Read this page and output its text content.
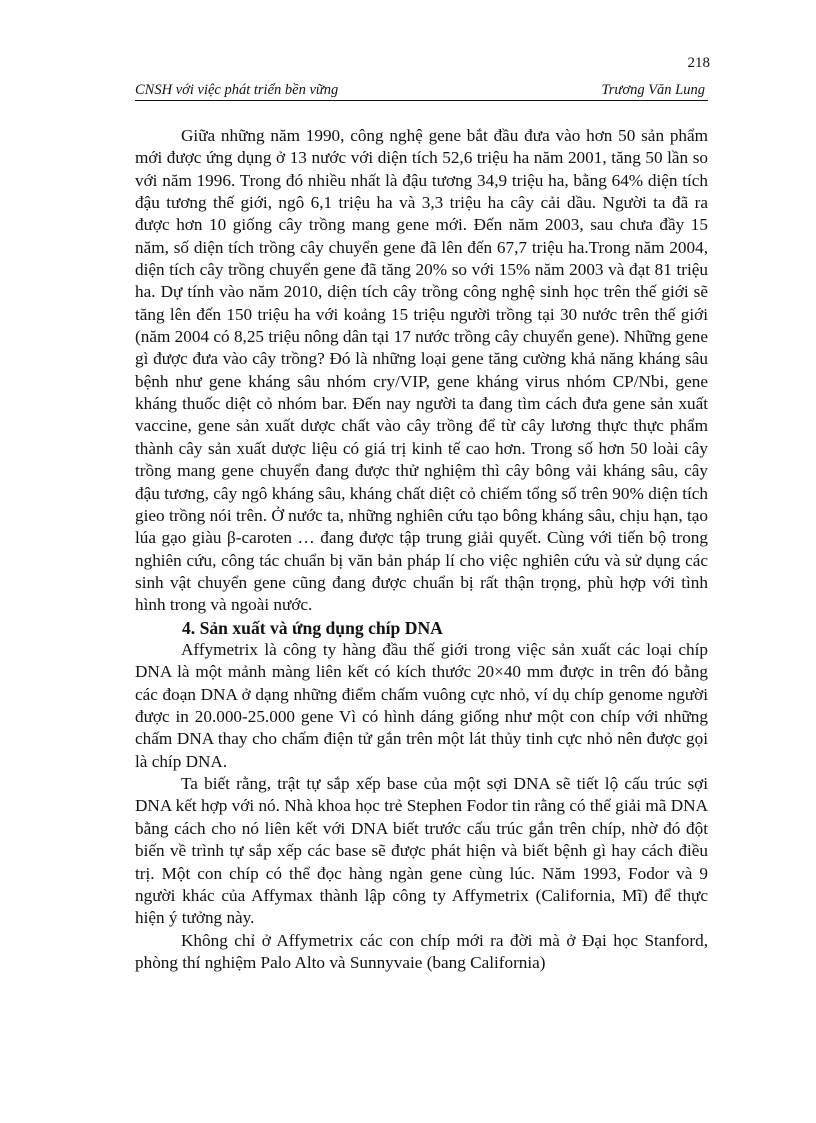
218
CNSH với việc phát triển bền vững	Trương Văn Lung

Giữa những năm 1990, công nghệ gene bắt đầu đưa vào hơn 50 sản phẩm mới được ứng dụng ở 13 nước với diện tích 52,6 triệu ha năm 2001, tăng 50 lần so với năm 1996. Trong đó nhiều nhất là đậu tương 34,9 triệu ha, bằng 64% diện tích đậu tương thế giới, ngô 6,1 triệu ha và 3,3 triệu ha cây cải dầu. Người ta đã ra được hơn 10 giống cây trồng mang gene mới. Đến năm 2003, sau chưa đầy 15 năm, số diện tích trồng cây chuyển gene đã lên đến 67,7 triệu ha.Trong năm 2004, diện tích cây trồng chuyển gene đã tăng 20% so với 15% năm 2003 và đạt 81 triệu ha. Dự tính vào năm 2010, diện tích cây trồng công nghệ sinh học trên thế giới sẽ tăng lên đến 150 triệu ha với koảng 15 triệu người trồng tại 30 nước trên thế giới (năm 2004 có 8,25 triệu nông dân tại 17 nước trồng cây chuyển gene). Những gene gì được đưa vào cây trồng? Đó là những loại gene tăng cường khả năng kháng sâu bệnh như gene kháng sâu nhóm cry/VIP, gene kháng virus nhóm CP/Nbi, gene kháng thuốc diệt cỏ nhóm bar. Đến nay người ta đang tìm cách đưa gene sản xuất vaccine, gene sản xuất dược chất vào cây trồng để từ cây lương thực thực phẩm thành cây sản xuất dược liệu có giá trị kinh tế cao hơn. Trong số hơn 50 loài cây trồng mang gene chuyển đang được thử nghiệm thì cây bông vải kháng sâu, cây đậu tương, cây ngô kháng sâu, kháng chất diệt cỏ chiếm tổng số trên 90% diện tích gieo trồng nói trên. Ở nước ta, những nghiên cứu tạo bông kháng sâu, chịu hạn, tạo lúa gạo giàu β-caroten … đang được tập trung giải quyết. Cùng với tiến bộ trong nghiên cứu, công tác chuẩn bị văn bản pháp lí cho việc nghiên cứu và sử dụng các sinh vật chuyển gene cũng đang được chuẩn bị rất thận trọng, phù hợp với tình hình trong và ngoài nước.

4. Sản xuất và ứng dụng chíp DNA

Affymetrix là công ty hàng đầu thế giới trong việc sản xuất các loại chíp DNA là một mảnh màng liên kết có kích thước 20×40 mm được in trên đó bằng các đoạn DNA ở dạng những điểm chấm vuông cực nhỏ, ví dụ chíp genome người được in 20.000-25.000 gene Vì có hình dáng giống như một con chíp với những chấm DNA thay cho chấm điện tử gắn trên một lát thủy tinh cực nhỏ nên được gọi là chíp DNA.

Ta biết rằng, trật tự sắp xếp base của một sợi DNA sẽ tiết lộ cấu trúc sợi DNA kết hợp với nó. Nhà khoa học trẻ Stephen Fodor tin rằng có thể giải mã DNA bằng cách cho nó liên kết với DNA biết trước cấu trúc gắn trên chíp, nhờ đó đột biến về trình tự sắp xếp các base sẽ được phát hiện và biết bệnh gì hay cách điều trị. Một con chíp có thể đọc hàng ngàn gene cùng lúc. Năm 1993, Fodor và 9 người khác của Affymax thành lập công ty Affymetrix (California, Mĩ) để thực hiện ý tưởng này.

Không chỉ ở Affymetrix các con chíp mới ra đời mà ở Đại học Stanford, phòng thí nghiệm Palo Alto và Sunnyvaie (bang California)
